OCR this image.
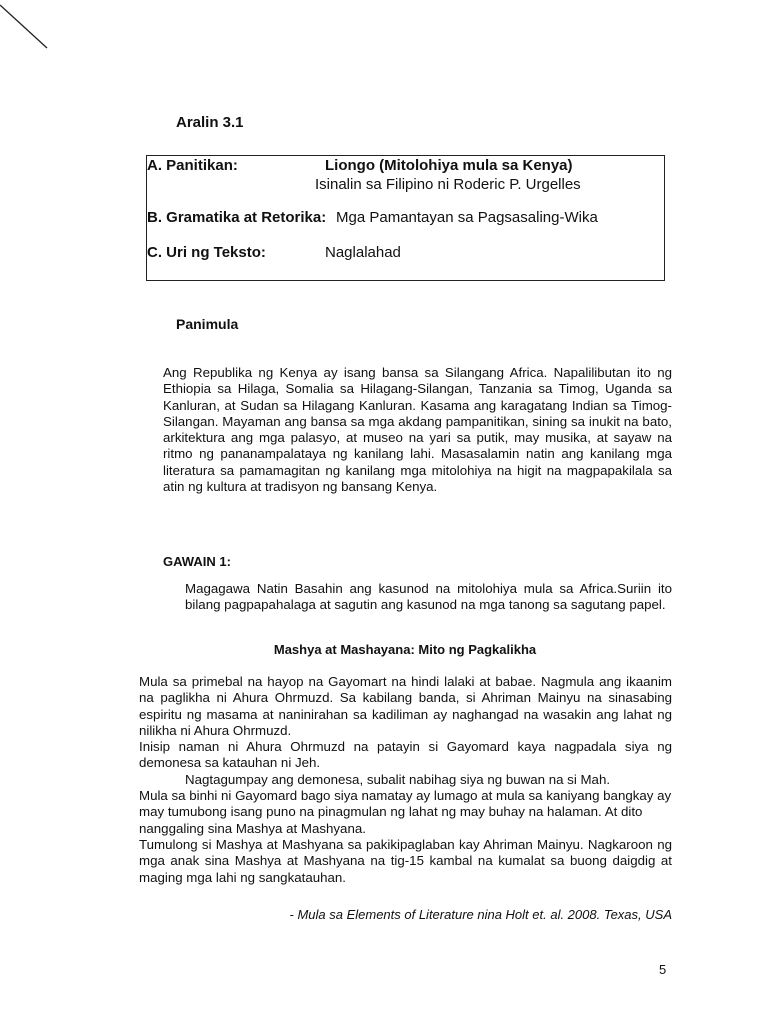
Aralin 3.1
A. Panitikan:	Liongo (Mitolohiya mula sa Kenya)
Isinalin sa Filipino ni Roderic P. Urgelles
B. Gramatika at Retorika: Mga Pamantayan sa Pagsasaling-Wika
C. Uri ng Teksto:	Naglalahad
Panimula

Ang Republika ng Kenya ay isang bansa sa Silangang Africa. Napalilibutan ito ng Ethiopia sa Hilaga, Somalia sa Hilagang-Silangan, Tanzania sa Timog, Uganda sa Kanluran, at Sudan sa Hilagang Kanluran. Kasama ang karagatang Indian sa Timog-Silangan. Mayaman ang bansa sa mga akdang pampanitikan, sining sa inukit na bato, arkitektura ang mga palasyo, at museo na yari sa putik, may musika, at sayaw na ritmo ng pananampalataya ng kanilang lahi. Masasalamin natin ang kanilang mga literatura sa pamamagitan ng kanilang mga mitolohiya na higit na magpapakilala sa atin ng kultura at tradisyon ng bansang Kenya.

GAWAIN 1:

Magagawa Natin Basahin ang kasunod na mitolohiya mula sa Africa.Suriin ito bilang pagpapahalaga at sagutin ang kasunod na mga tanong sa sagutang papel.

Mashya at Mashayana: Mito ng Pagkalikha

Mula sa primebal na hayop na Gayomart na hindi lalaki at babae. Nagmula ang ikaanim na paglikha ni Ahura Ohrmuzd. Sa kabilang banda, si Ahriman Mainyu na sinasabing espiritu ng masama at naninirahan sa kadiliman ay naghangad na wasakin ang lahat ng nilikha ni Ahura Ohrmuzd.

Inisip naman ni Ahura Ohrmuzd na patayin si Gayomard kaya nagpadala siya ng demonesa sa katauhan ni Jeh.

Nagtagumpay ang demonesa, subalit nabihag siya ng buwan na si Mah.

Mula sa binhi ni Gayomard bago siya namatay ay lumago at mula sa kaniyang bangkay ay may tumubong isang puno na pinagmulan ng lahat ng may buhay na halaman. At dito nanggaling sina Mashya at Mashyana.

Tumulong si Mashya at Mashyana sa pakikipaglaban kay Ahriman Mainyu. Nagkaroon ng mga anak sina Mashya at Mashyana na tig-15 kambal na kumalat sa buong daigdig at maging mga lahi ng sangkatauhan.

- Mula sa Elements of Literature nina Holt et. al. 2008. Texas, USA
5
